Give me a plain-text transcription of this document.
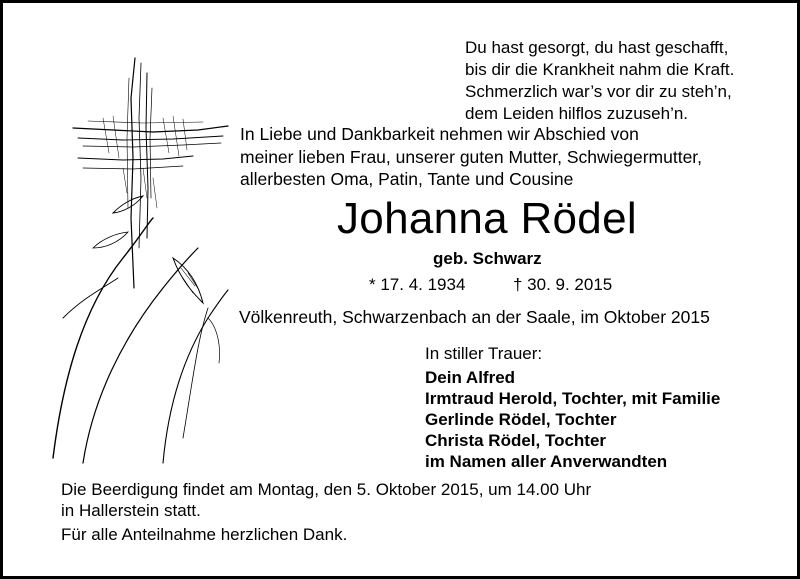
Du hast gesorgt, du hast geschafft,
bis dir die Krankheit nahm die Kraft.
Schmerzlich war’s vor dir zu steh’n,
dem Leiden hilflos zuzuseh’n.
In Liebe und Dankbarkeit nehmen wir Abschied von
meiner lieben Frau, unserer guten Mutter, Schwiegermutter,
allerbesten Oma, Patin, Tante und Cousine
Johanna Rödel
geb. Schwarz
* 17. 4. 1934	† 30. 9. 2015
Völkenreuth, Schwarzenbach an der Saale, im Oktober 2015
In stiller Trauer:
Dein Alfred
Irmtraud Herold, Tochter, mit Familie
Gerlinde Rödel, Tochter
Christa Rödel, Tochter
im Namen aller Anverwandten
Die Beerdigung findet am Montag, den 5. Oktober 2015, um 14.00 Uhr
in Hallerstein statt.
Für alle Anteilnahme herzlichen Dank.
